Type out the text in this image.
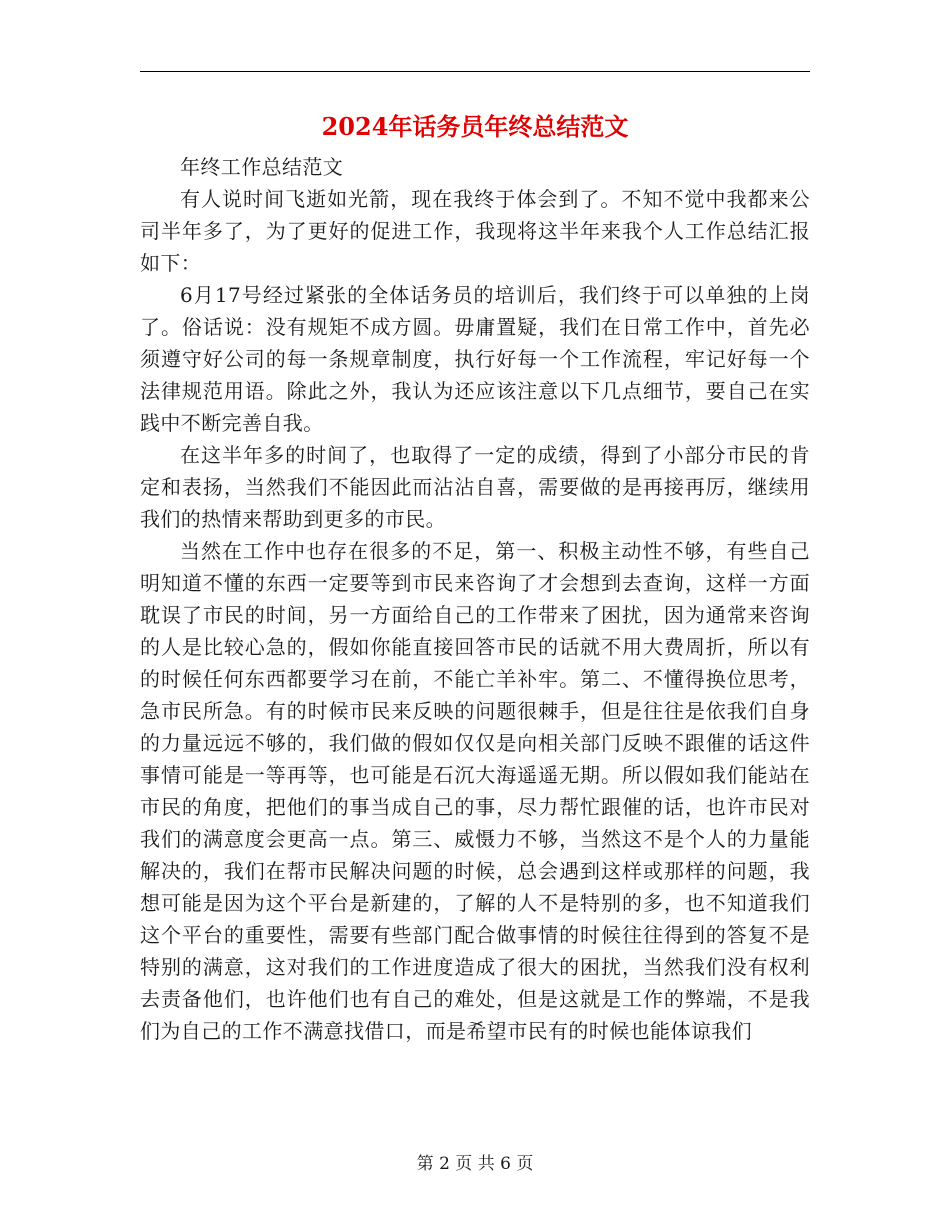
2024年话务员年终总结范文

年终工作总结范文

有人说时间飞逝如光箭，现在我终于体会到了。不知不觉中我都来公司半年多了，为了更好的促进工作，我现将这半年来我个人工作总结汇报如下：

6月17号经过紧张的全体话务员的培训后，我们终于可以单独的上岗了。俗话说：没有规矩不成方圆。毋庸置疑，我们在日常工作中，首先必须遵守好公司的每一条规章制度，执行好每一个工作流程，牢记好每一个法律规范用语。除此之外，我认为还应该注意以下几点细节，要自己在实践中不断完善自我。

在这半年多的时间了，也取得了一定的成绩，得到了小部分市民的肯定和表扬，当然我们不能因此而沾沾自喜，需要做的是再接再厉，继续用我们的热情来帮助到更多的市民。

当然在工作中也存在很多的不足，第一、积极主动性不够，有些自己明知道不懂的东西一定要等到市民来咨询了才会想到去查询，这样一方面耽误了市民的时间，另一方面给自己的工作带来了困扰，因为通常来咨询的人是比较心急的，假如你能直接回答市民的话就不用大费周折，所以有的时候任何东西都要学习在前，不能亡羊补牢。第二、不懂得换位思考，急市民所急。有的时候市民来反映的问题很棘手，但是往往是依我们自身的力量远远不够的，我们做的假如仅仅是向相关部门反映不跟催的话这件事情可能是一等再等，也可能是石沉大海遥遥无期。所以假如我们能站在市民的角度，把他们的事当成自己的事，尽力帮忙跟催的话，也许市民对我们的满意度会更高一点。第三、威慑力不够，当然这不是个人的力量能解决的，我们在帮市民解决问题的时候，总会遇到这样或那样的问题，我想可能是因为这个平台是新建的，了解的人不是特别的多，也不知道我们这个平台的重要性，需要有些部门配合做事情的时候往往得到的答复不是特别的满意，这对我们的工作进度造成了很大的困扰，当然我们没有权利去责备他们，也许他们也有自己的难处，但是这就是工作的弊端，不是我们为自己的工作不满意找借口，而是希望市民有的时候也能体谅我们

第 2 页 共 6 页
